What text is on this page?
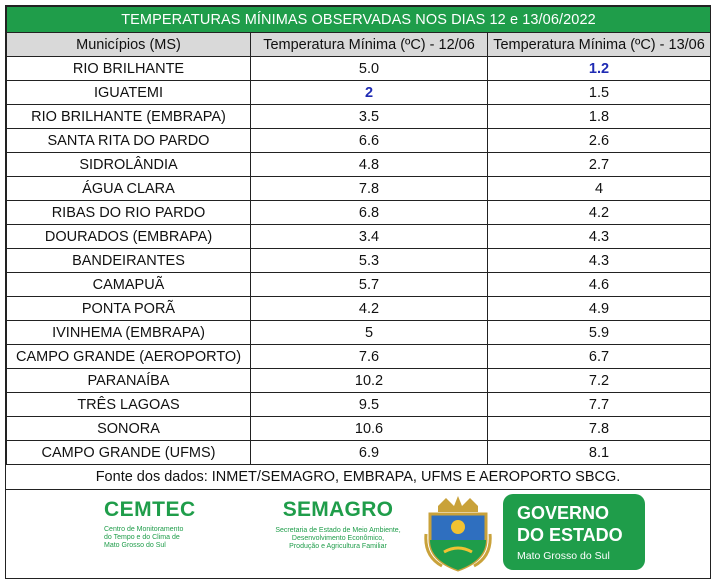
TEMPERATURAS MÍNIMAS OBSERVADAS NOS DIAS 12 e 13/06/2022		
Municípios (MS)	Temperatura Mínima (ºC) - 12/06	Temperatura Mínima (ºC) - 13/06
RIO BRILHANTE	5.0	1.2
IGUATEMI	2	1.5
RIO BRILHANTE (EMBRAPA)	3.5	1.8
SANTA RITA DO PARDO	6.6	2.6
SIDROLÂNDIA	4.8	2.7
ÁGUA CLARA	7.8	4
RIBAS DO RIO PARDO	6.8	4.2
DOURADOS (EMBRAPA)	3.4	4.3
BANDEIRANTES	5.3	4.3
CAMAPUÃ	5.7	4.6
PONTA PORÃ	4.2	4.9
IVINHEMA (EMBRAPA)	5	5.9
CAMPO GRANDE (AEROPORTO)	7.6	6.7
PARANAÍBA	10.2	7.2
TRÊS LAGOAS	9.5	7.7
SONORA	10.6	7.8
CAMPO GRANDE (UFMS)	6.9	8.1
Fonte dos dados: INMET/SEMAGRO, EMBRAPA, UFMS E AEROPORTO SBCG.
CEMTEC
Centro de Monitoramento
do Tempo e do Clima de
Mato Grosso do Sul
SEMAGRO
Secretaria de Estado de Meio Ambiente,
Desenvolvimento Econômico,
Produção e Agricultura Familiar
GOVERNO
DO ESTADO
Mato Grosso do Sul
